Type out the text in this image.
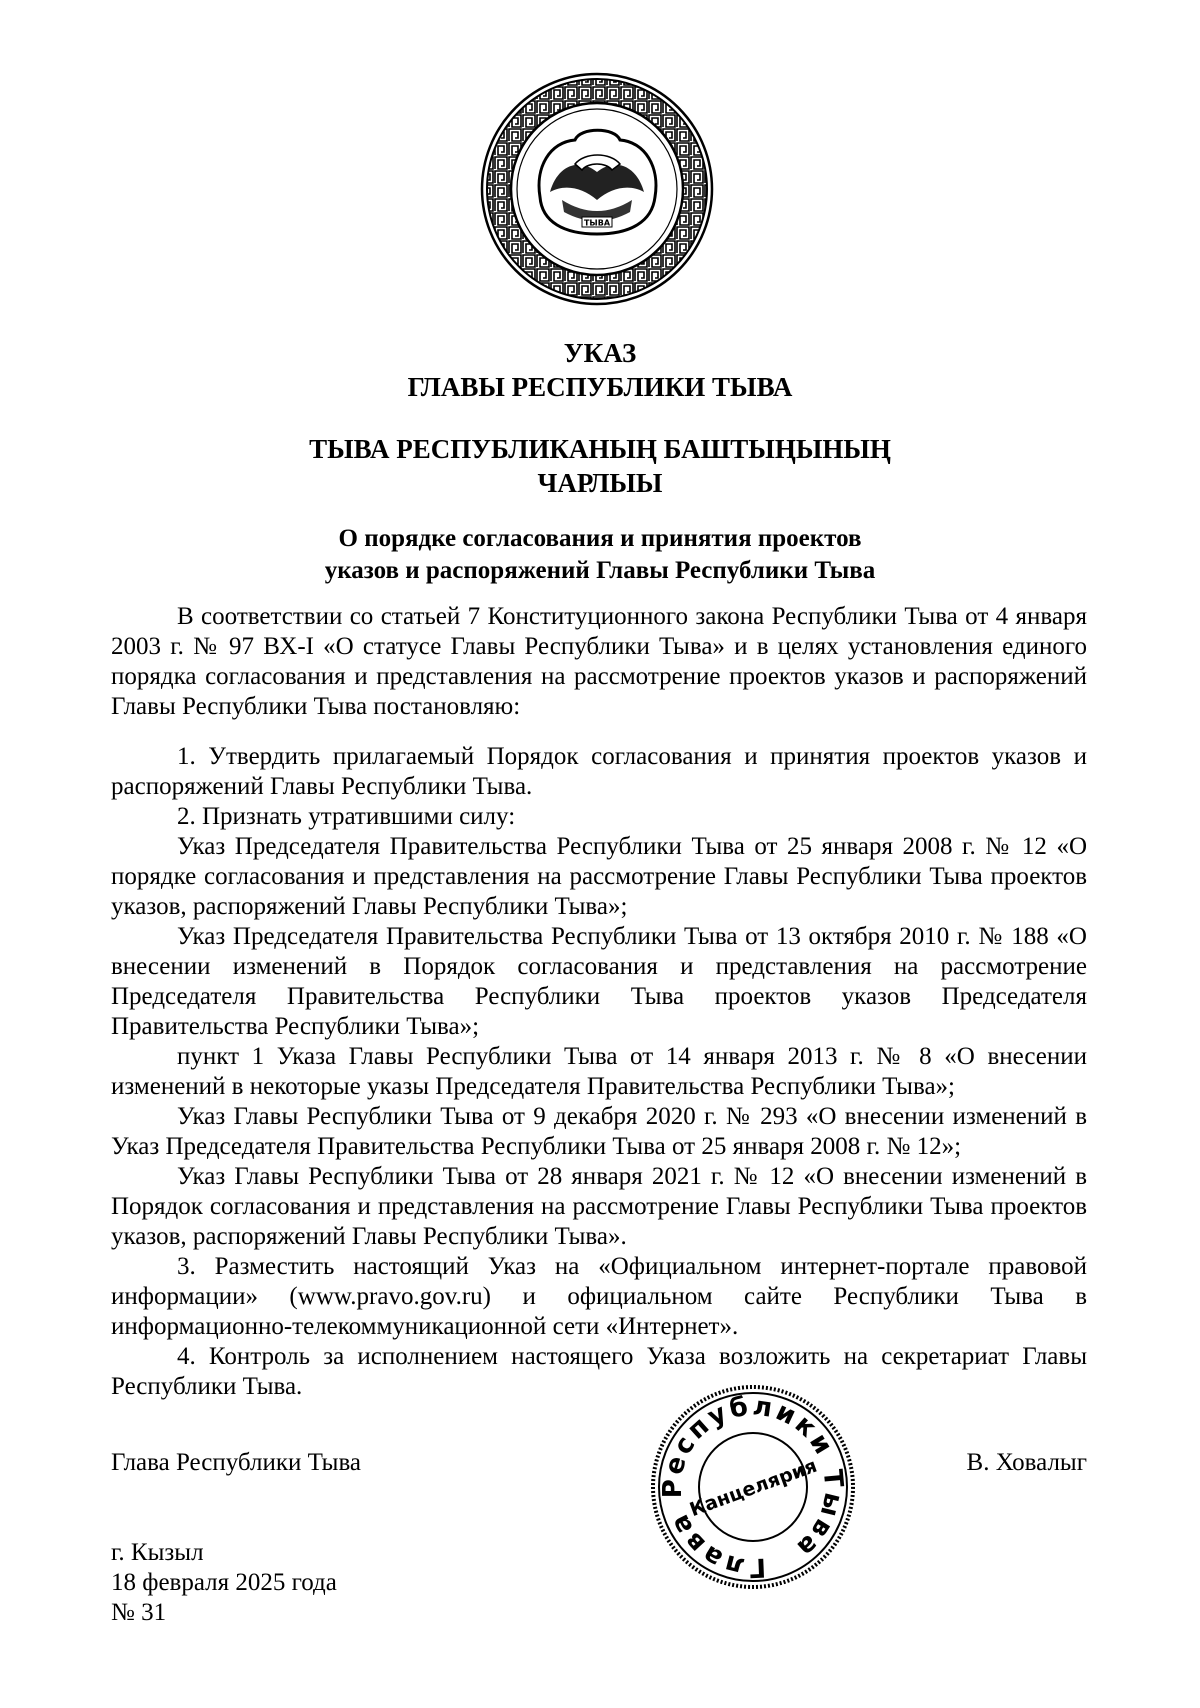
ТЫВА
УКАЗ
ГЛАВЫ РЕСПУБЛИКИ ТЫВА
ТЫВА РЕСПУБЛИКАНЫҢ БАШТЫҢЫНЫҢ
ЧАРЛЫЫ
О порядке согласования и принятия проектов
указов и распоряжений Главы Республики Тыва

В соответствии со статьей 7 Конституционного закона Республики Тыва от 4 января 2003 г. № 97 ВХ-I «О статусе Главы Республики Тыва» и в целях установления единого порядка согласования и представления на рассмотрение проектов указов и распоряжений Главы Республики Тыва постановляю:

1. Утвердить прилагаемый Порядок согласования и принятия проектов указов и распоряжений Главы Республики Тыва.

2. Признать утратившими силу:

Указ Председателя Правительства Республики Тыва от 25 января 2008 г. № 12 «О порядке согласования и представления на рассмотрение Главы Республики Тыва проектов указов, распоряжений Главы Республики Тыва»;

Указ Председателя Правительства Республики Тыва от 13 октября 2010 г. № 188 «О внесении изменений в Порядок согласования и представления на рассмотрение Председателя Правительства Республики Тыва проектов указов Председателя Правительства Республики Тыва»;

пункт 1 Указа Главы Республики Тыва от 14 января 2013 г. № 8 «О внесении изменений в некоторые указы Председателя Правительства Республики Тыва»;

Указ Главы Республики Тыва от 9 декабря 2020 г. № 293 «О внесении изменений в Указ Председателя Правительства Республики Тыва от 25 января 2008 г. № 12»;

Указ Главы Республики Тыва от 28 января 2021 г. № 12 «О внесении изменений в Порядок согласования и представления на рассмотрение Главы Республики Тыва проектов указов, распоряжений Главы Республики Тыва».

3. Разместить настоящий Указ на «Официальном интернет-портале правовой информации» (www.pravo.gov.ru) и официальном сайте Республики Тыва в информационно-телекоммуникационной сети «Интернет».

4. Контроль за исполнением настоящего Указа возложить на секретариат Главы Республики Тыва.

Глава Республики Тыва
Канцелярия
Глава Республики Тыва	В. Ховалыг
г. Кызыл
18 февраля 2025 года
№ 31
